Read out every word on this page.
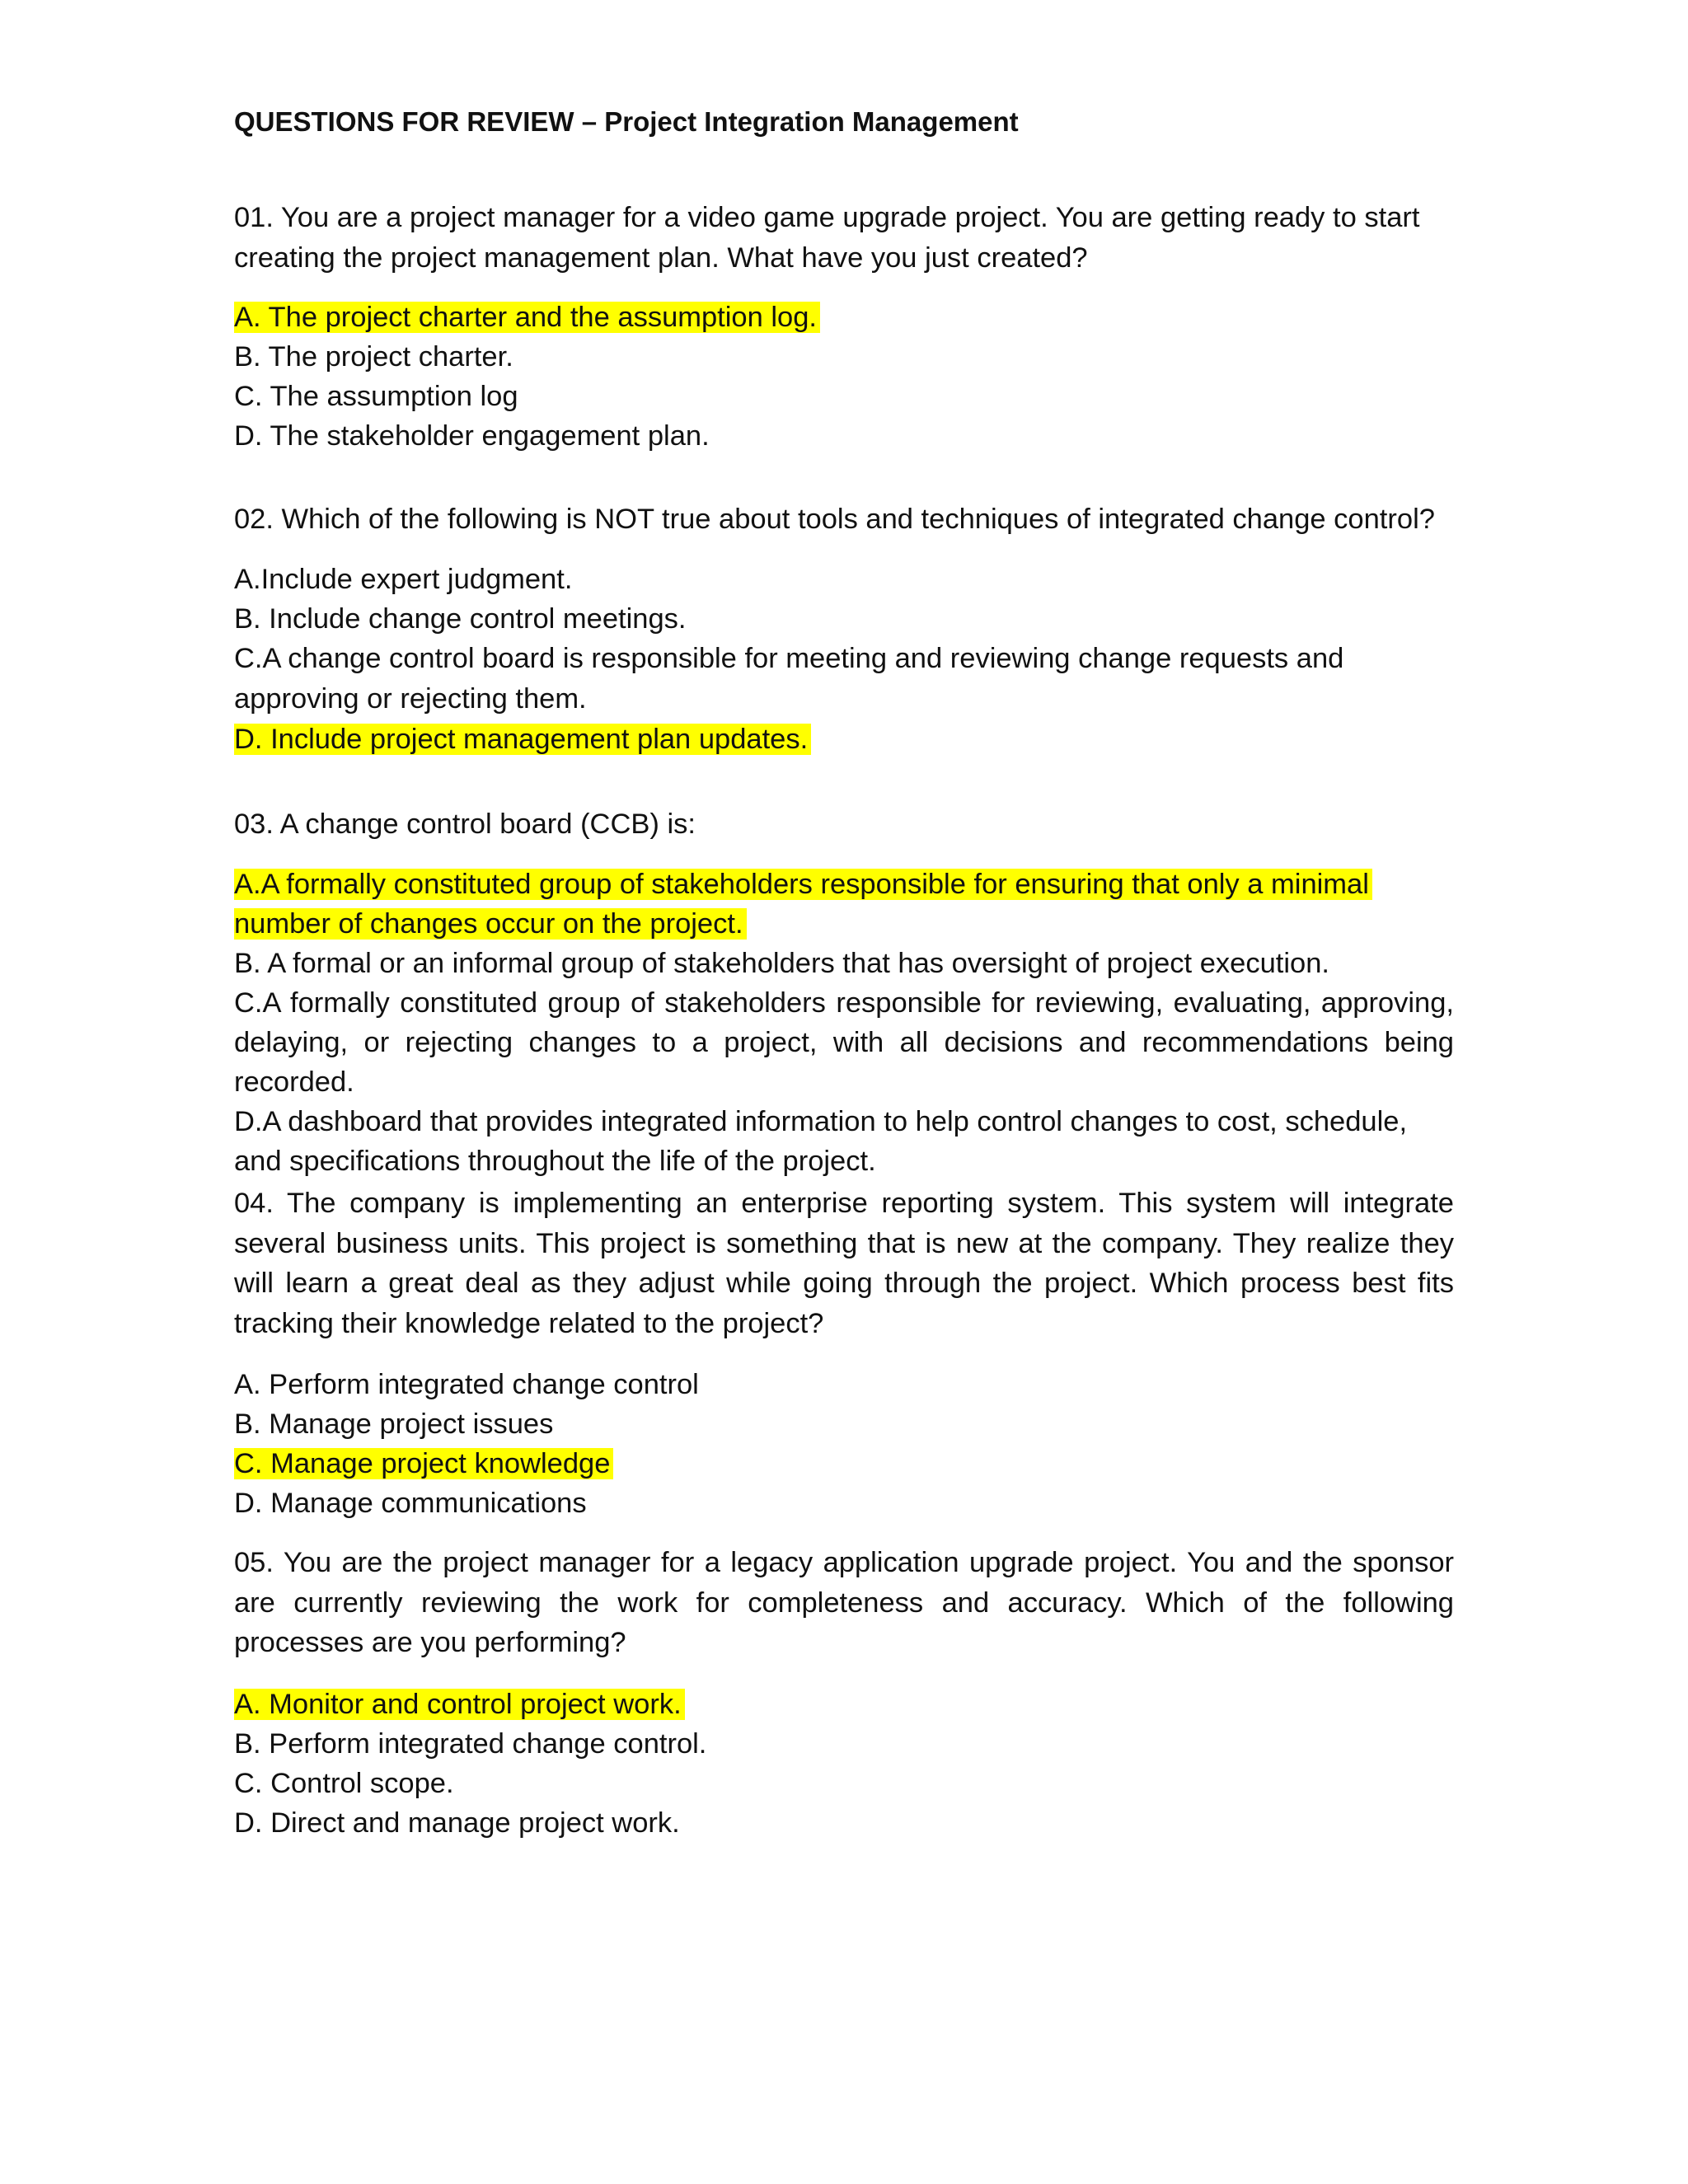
QUESTIONS FOR REVIEW – Project Integration Management

01. You are a project manager for a video game upgrade project. You are getting ready to start creating the project management plan. What have you just created?

A. The project charter and the assumption log.
B. The project charter.
C. The assumption log
D. The stakeholder engagement plan.

02. Which of the following is NOT true about tools and techniques of integrated change control?

A.Include expert judgment.
B. Include change control meetings.
C.A change control board is responsible for meeting and reviewing change requests and approving or rejecting them.
D. Include project management plan updates.

03. A change control board (CCB) is:

A.A formally constituted group of stakeholders responsible for ensuring that only a minimal number of changes occur on the project.
B. A formal or an informal group of stakeholders that has oversight of project execution.
C.A formally constituted group of stakeholders responsible for reviewing, evaluating, approving, delaying, or rejecting changes to a project, with all decisions and recommendations being recorded.
D.A dashboard that provides integrated information to help control changes to cost, schedule, and specifications throughout the life of the project.

04. The company is implementing an enterprise reporting system. This system will integrate several business units. This project is something that is new at the company. They realize they will learn a great deal as they adjust while going through the project. Which process best fits tracking their knowledge related to the project?

A. Perform integrated change control
B. Manage project issues
C. Manage project knowledge
D. Manage communications

05. You are the project manager for a legacy application upgrade project. You and the sponsor are currently reviewing the work for completeness and accuracy. Which of the following processes are you performing?

A. Monitor and control project work.
B. Perform integrated change control.
C. Control scope.
D. Direct and manage project work.
